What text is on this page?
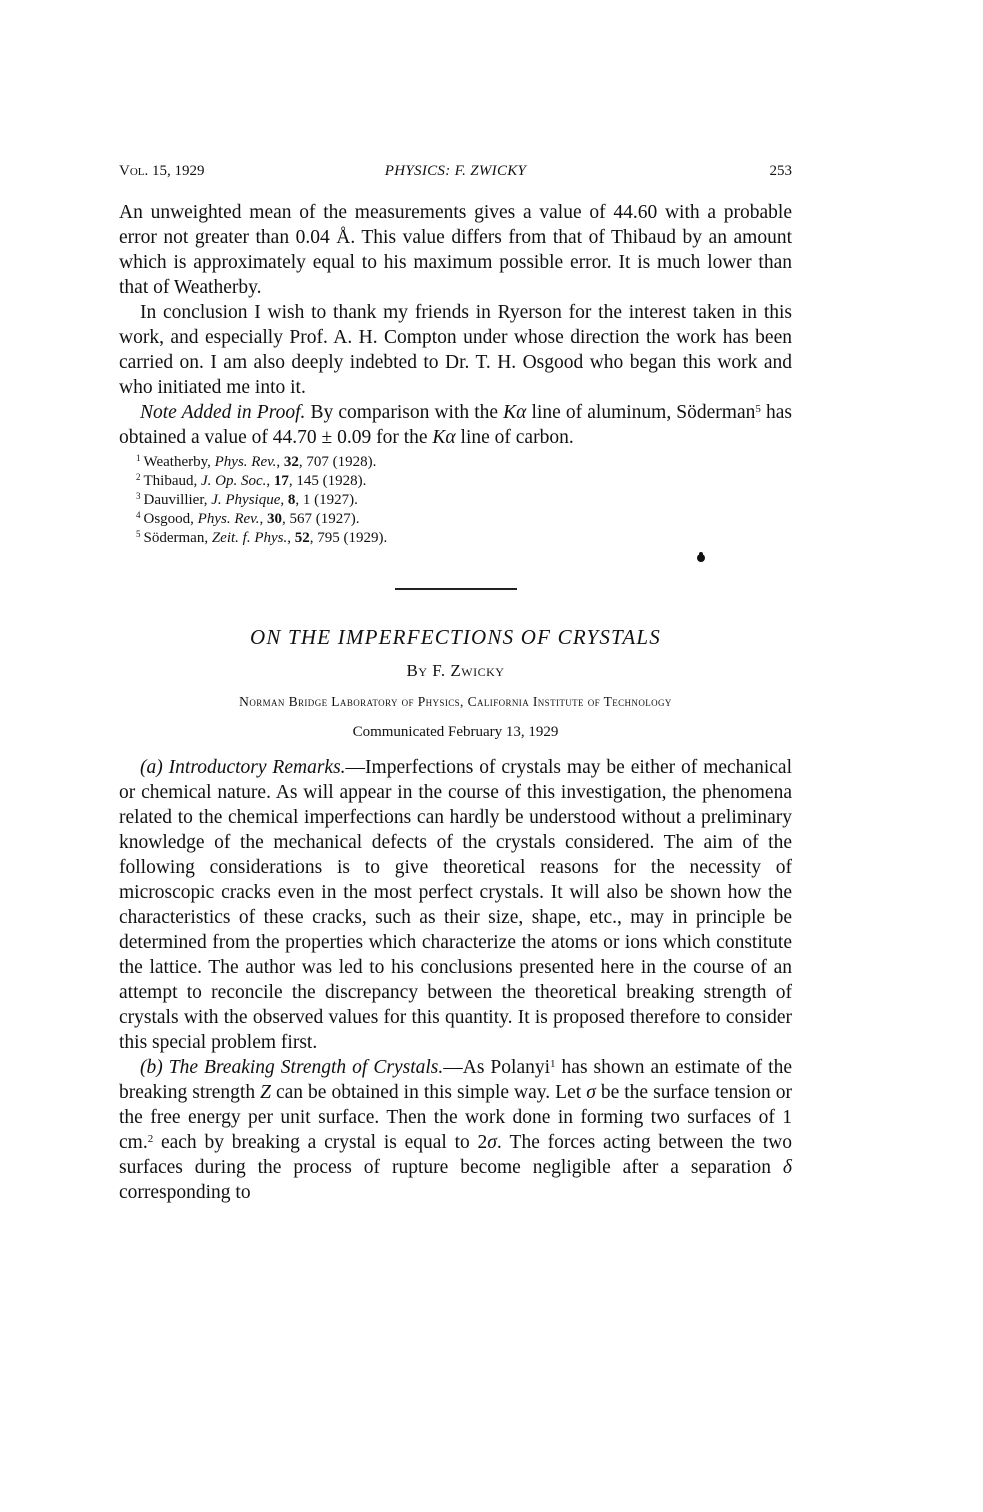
Vol. 15, 1929	PHYSICS: F. ZWICKY	253

An unweighted mean of the measurements gives a value of 44.60 with a probable error not greater than 0.04 Å. This value differs from that of Thibaud by an amount which is approximately equal to his maximum possible error. It is much lower than that of Weatherby.

In conclusion I wish to thank my friends in Ryerson for the interest taken in this work, and especially Prof. A. H. Compton under whose direction the work has been carried on. I am also deeply indebted to Dr. T. H. Osgood who began this work and who initiated me into it.

Note Added in Proof. By comparison with the Kα line of aluminum, Söderman$^5$ has obtained a value of 44.70 ± 0.09 for the Kα line of carbon.

$^1$ Weatherby, Phys. Rev., 32, 707 (1928).
$^2$ Thibaud, J. Op. Soc., 17, 145 (1928).
$^3$ Dauvillier, J. Physique, 8, 1 (1927).
$^4$ Osgood, Phys. Rev., 30, 567 (1927).
$^5$ Söderman, Zeit. f. Phys., 52, 795 (1929).
ON THE IMPERFECTIONS OF CRYSTALS
By F. Zwicky
Norman Bridge Laboratory of Physics, California Institute of Technology
Communicated February 13, 1929

(a) Introductory Remarks.—Imperfections of crystals may be either of mechanical or chemical nature. As will appear in the course of this investigation, the phenomena related to the chemical imperfections can hardly be understood without a preliminary knowledge of the mechanical defects of the crystals considered. The aim of the following considerations is to give theoretical reasons for the necessity of microscopic cracks even in the most perfect crystals. It will also be shown how the characteristics of these cracks, such as their size, shape, etc., may in principle be determined from the properties which characterize the atoms or ions which constitute the lattice. The author was led to his conclusions presented here in the course of an attempt to reconcile the discrepancy between the theoretical breaking strength of crystals with the observed values for this quantity. It is proposed therefore to consider this special problem first.

(b) The Breaking Strength of Crystals.—As Polanyi$^1$ has shown an estimate of the breaking strength Z can be obtained in this simple way. Let σ be the surface tension or the free energy per unit surface. Then the work done in forming two surfaces of 1 cm.$^2$ each by breaking a crystal is equal to 2σ. The forces acting between the two surfaces during the process of rupture become negligible after a separation δ corresponding to
